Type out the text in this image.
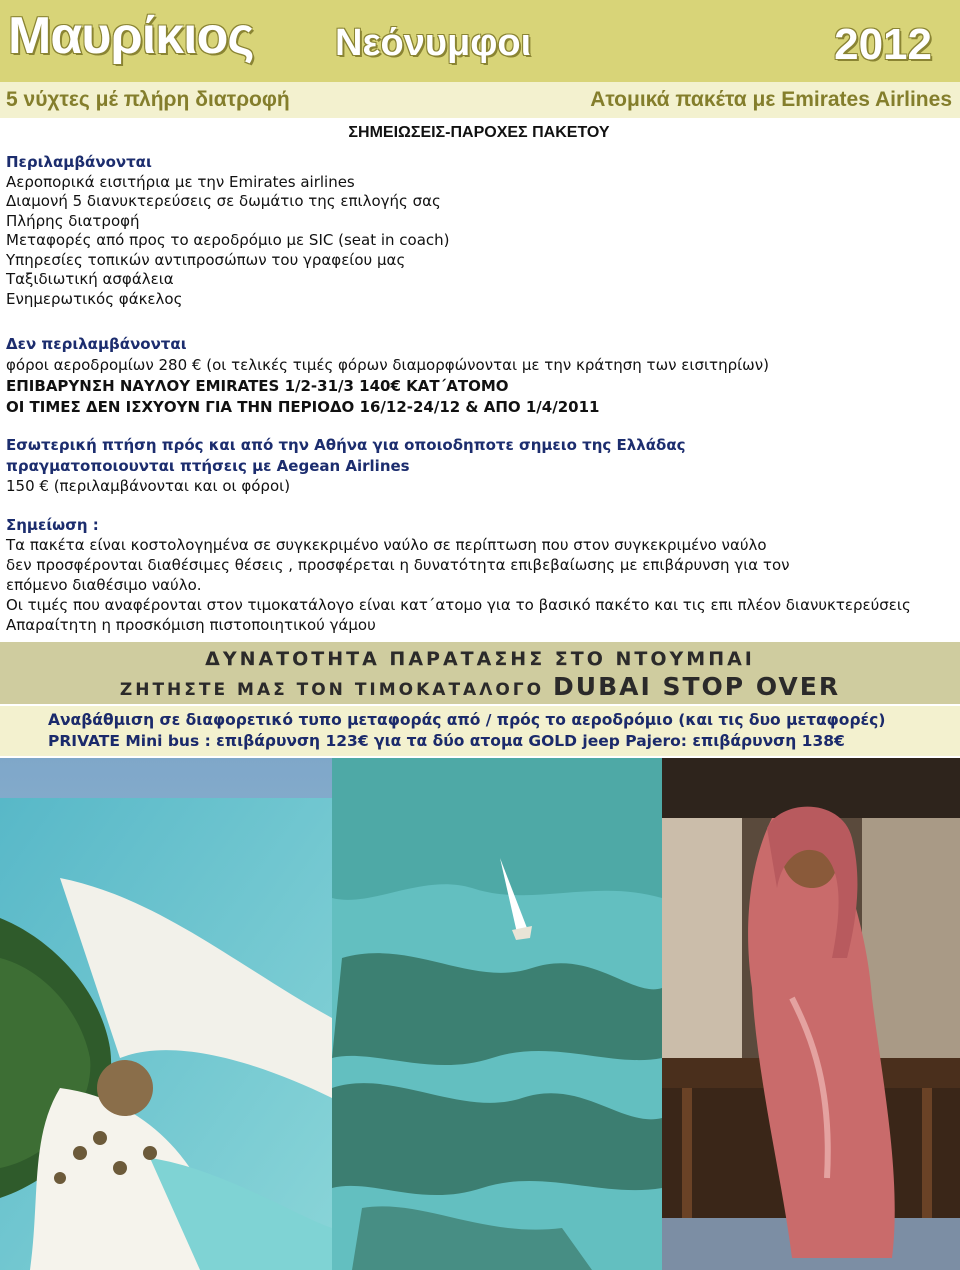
Μαυρίκιος Νεόνυμφοι	2012
5 νύχτες μέ πλήρη διατροφή	Ατομικά πακέτα με Emirates Airlines
ΣΗΜΕΙΩΣΕΙΣ-ΠΑΡΟΧΕΣ ΠΑΚΕΤΟΥ
Περιλαμβάνονται
Αεροπορικά εισιτήρια με την Emirates airlines
Διαμονή 5 διανυκτερεύσεις σε δωμάτιο της επιλογής σας
Πλήρης διατροφή
Μεταφορές από προς το αεροδρόμιο με SIC (seat in coach)
Υπηρεσίες τοπικών αντιπροσώπων του γραφείου μας
Ταξιδιωτική ασφάλεια
Ενημερωτικός φάκελος
Δεν περιλαμβάνονται
φόροι αεροδρομίων 280 € (οι τελικές τιμές φόρων διαμορφώνονται με την κράτηση των εισιτηρίων)
ΕΠΙΒΑΡΥΝΣΗ ΝΑΥΛΟΥ EMIRATES 1/2-31/3 140€ ΚΑΤ΄ΑΤΟΜΟ
ΟΙ ΤΙΜΕΣ ΔΕΝ ΙΣΧΥΟΥΝ ΓΙΑ ΤΗΝ ΠΕΡΙΟΔΟ 16/12-24/12 & ΑΠΟ 1/4/2011
Εσωτερική πτήση πρός και από την Αθήνα για οποιοδηποτε σημειο της Ελλάδας
πραγματοποιουνται πτήσεις με Aegean Airlines
150 € (περιλαμβάνονται και οι φόροι)
Σημείωση :
Τα πακέτα είναι κοστολογημένα σε συγκεκριμένο ναύλο σε περίπτωση που στον συγκεκριμένο ναύλο
δεν προσφέρονται διαθέσιμες θέσεις , προσφέρεται η δυνατότητα επιβεβαίωσης με επιβάρυνση για τον
επόμενο διαθέσιμο ναύλο.
Οι τιμές που αναφέρονται στον τιμοκατάλογο είναι κατ΄ατομο για το βασικό πακέτο και τις επι πλέον διανυκτερεύσεις
Απαραίτητη η προσκόμιση πιστοποιητικού γάμου
ΔΥΝΑΤΟΤΗΤΑ ΠΑΡΑΤΑΣΗΣ ΣΤΟ ΝΤΟΥΜΠΑΙ
ΖΗΤΗΣΤΕ ΜΑΣ ΤΟΝ ΤΙΜΟΚΑΤΑΛΟΓΟ DUBAI STOP OVER
Αναβάθμιση σε διαφορετικό τυπο μεταφοράς από / πρός το αεροδρόμιο (και τις δυο μεταφορές)
PRIVATE Mini bus : επιβάρυνση 123€ για τα δύο ατομα GOLD jeep Pajero: επιβάρυνση 138€
